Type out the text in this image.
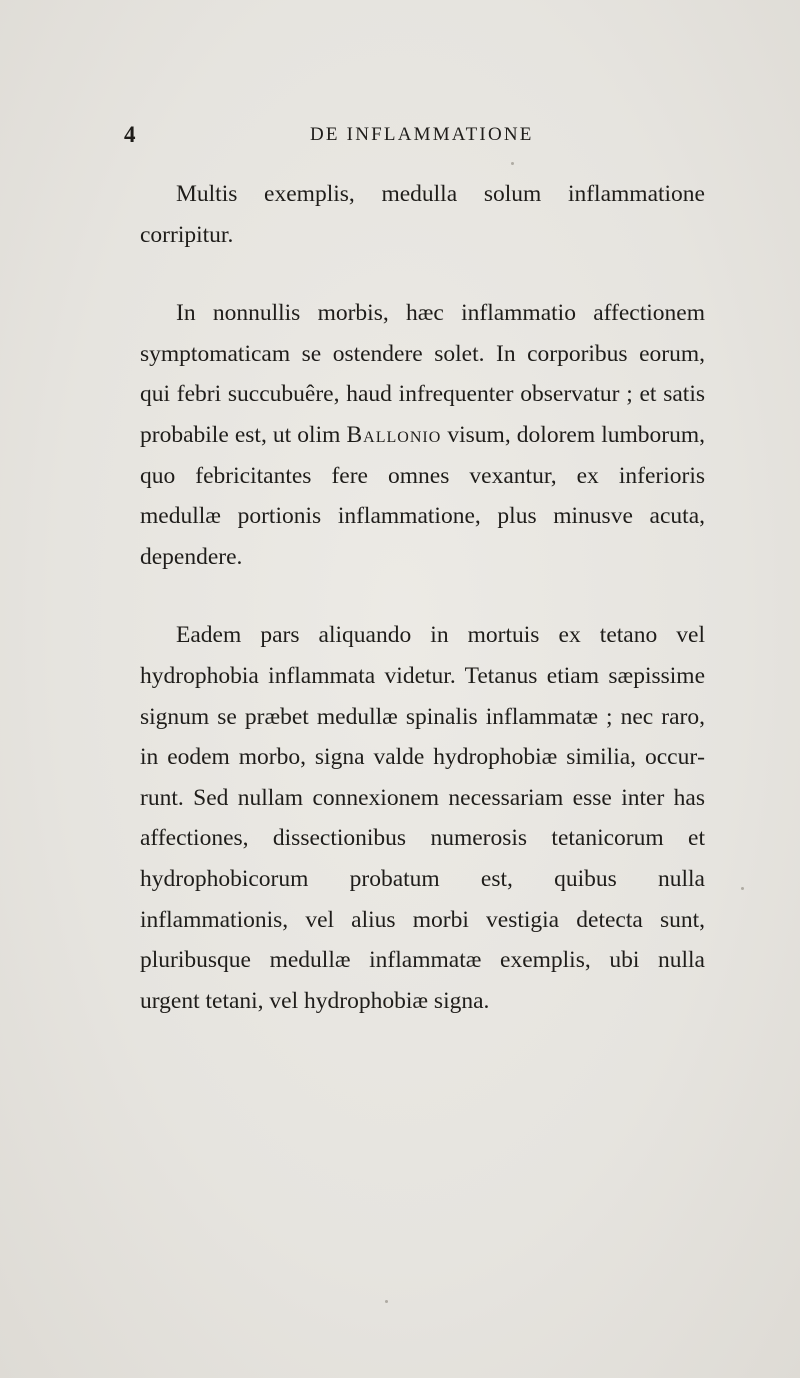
4	DE INFLAMMATIONE

Multis exemplis, medulla solum inflammatione corripitur.

In nonnullis morbis, hæc inflammatio affectionem symptomaticam se ostendere solet. In corporibus eorum, qui febri succubuêre, haud infrequenter observatur ; et satis probabile est, ut olim Ballonio visum, dolorem lumborum, quo febricitantes fere omnes vexantur, ex inferioris medullæ portionis inflammatione, plus minusve acuta, dependere.

Eadem pars aliquando in mortuis ex tetano vel hydrophobia inflammata videtur. Tetanus etiam sæpissime signum se præbet medullæ spinalis inflammatæ ; nec raro, in eodem morbo, signa valde hydrophobiæ similia, occurrunt. Sed nullam connexionem necessariam esse inter has affectiones, dissectionibus numerosis tetanicorum et hydrophobicorum probatum est, quibus nulla inflammationis, vel alius morbi vestigia detecta sunt, pluribusque medullæ inflammatæ exemplis, ubi nulla urgent tetani, vel hydrophobiæ signa.
